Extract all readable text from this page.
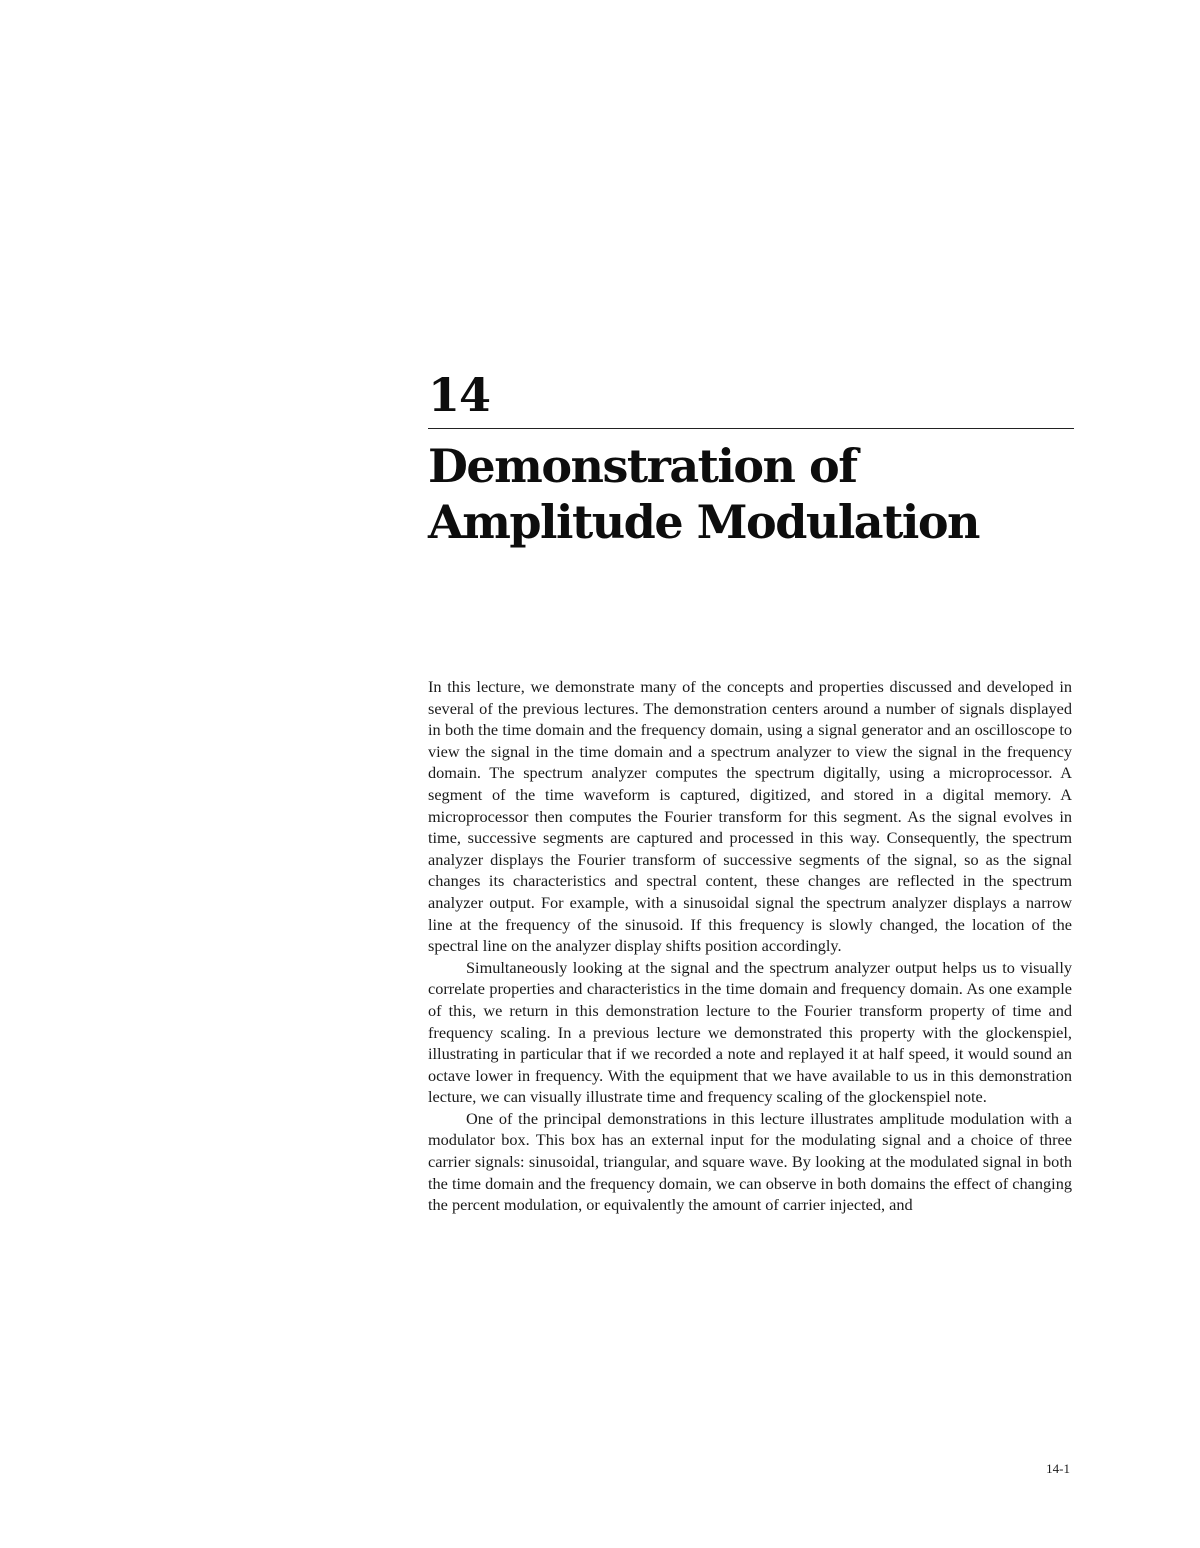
14
Demonstration of
Amplitude Modulation

In this lecture, we demonstrate many of the concepts and properties discussed and developed in several of the previous lectures. The demonstration centers around a number of signals displayed in both the time domain and the frequency domain, using a signal generator and an oscilloscope to view the signal in the time domain and a spectrum analyzer to view the signal in the frequency domain. The spectrum analyzer computes the spectrum digitally, using a microprocessor. A segment of the time waveform is captured, digitized, and stored in a digital memory. A microprocessor then computes the Fourier transform for this segment. As the signal evolves in time, successive segments are captured and processed in this way. Consequently, the spectrum analyzer displays the Fourier transform of successive segments of the signal, so as the signal changes its characteristics and spectral content, these changes are reflected in the spectrum analyzer output. For example, with a sinusoidal signal the spectrum analyzer displays a narrow line at the frequency of the sinusoid. If this frequency is slowly changed, the location of the spectral line on the analyzer display shifts position accordingly.

Simultaneously looking at the signal and the spectrum analyzer output helps us to visually correlate properties and characteristics in the time domain and frequency domain. As one example of this, we return in this demonstration lecture to the Fourier transform property of time and frequency scaling. In a previous lecture we demonstrated this property with the glockenspiel, illustrating in particular that if we recorded a note and replayed it at half speed, it would sound an octave lower in frequency. With the equipment that we have available to us in this demonstration lecture, we can visually illustrate time and frequency scaling of the glockenspiel note.

One of the principal demonstrations in this lecture illustrates amplitude modulation with a modulator box. This box has an external input for the modulating signal and a choice of three carrier signals: sinusoidal, triangular, and square wave. By looking at the modulated signal in both the time domain and the frequency domain, we can observe in both domains the effect of changing the percent modulation, or equivalently the amount of carrier injected, and

14-1
